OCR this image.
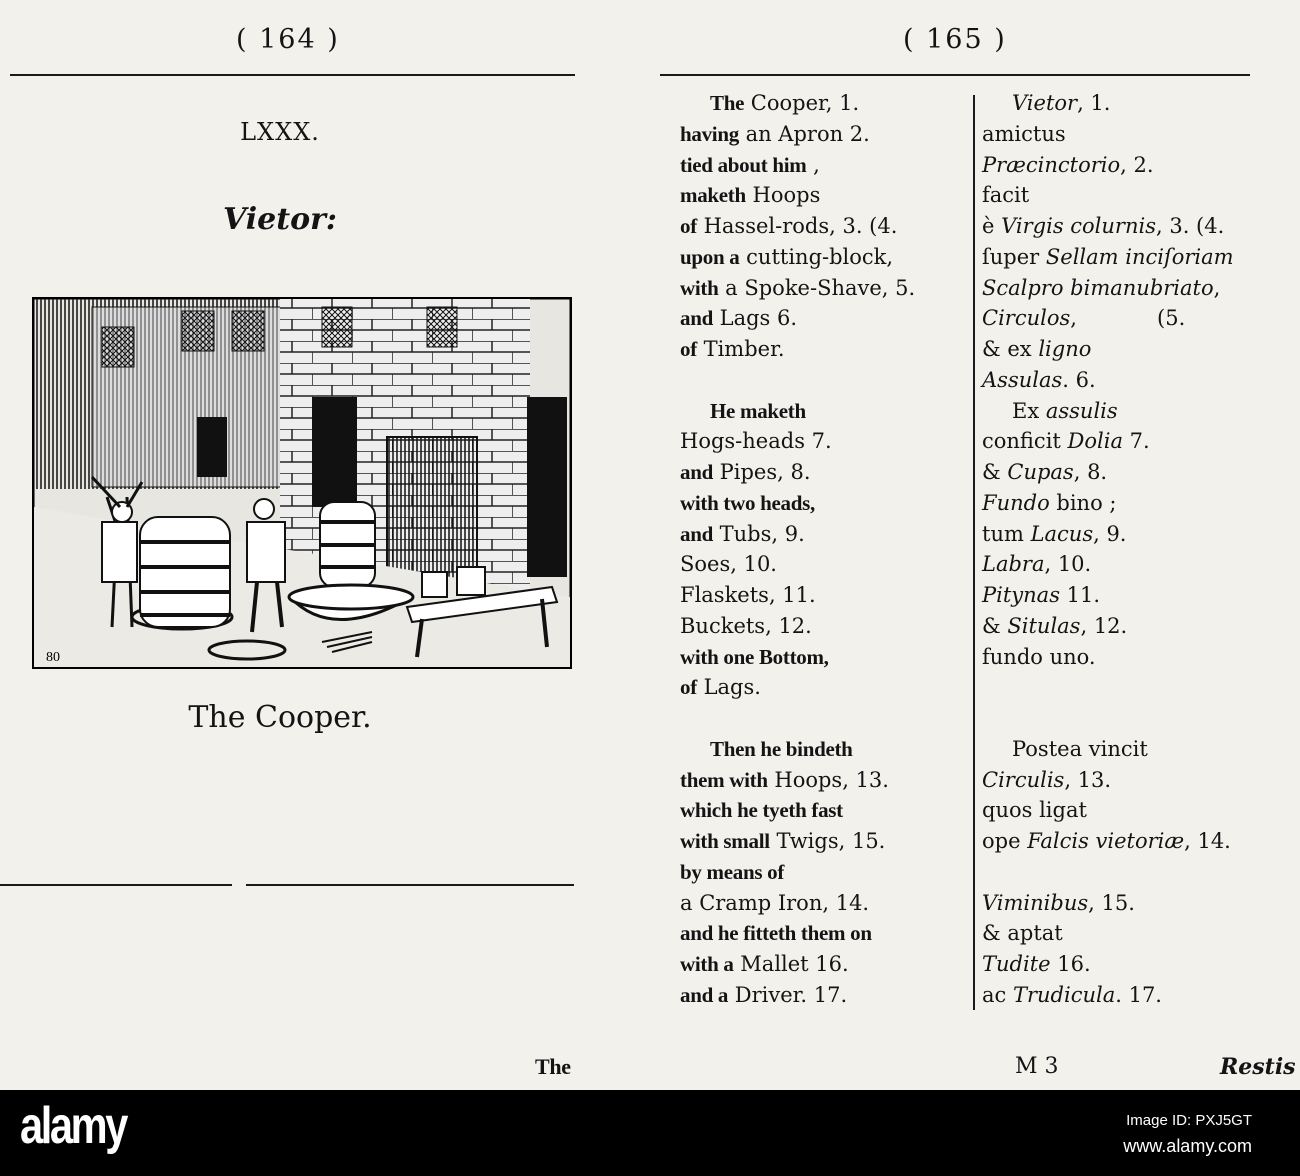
( 164 )
LXXX.
Vietor:
80
The Cooper.
The
( 165 )
The Cooper, 1.
having an Apron 2.
tied about him ,
maketh Hoops
of Hassel-rods, 3. (4.
upon a cutting-block,
with a Spoke-Shave, 5.
and Lags 6.
of Timber.
He maketh
Hogs-heads 7.
and Pipes, 8.
with two heads,
and Tubs, 9.
Soes, 10.
Flaskets, 11.
Buckets, 12.
with one Bottom,
of Lags.
Then he bindeth
them with Hoops, 13.
which he tyeth fast
with small Twigs, 15.
by means of
a Cramp Iron, 14.
and he fitteth them on
with a Mallet 16.
and a Driver. 17.
Vietor, 1.
amictus
Præcinctorio, 2.
facit
è Virgis colurnis, 3. (4.
ſuper Sellam inciſoriam
Scalpro bimanubriato,
Circulos,            (5.
& ex ligno
Assulas. 6.
Ex assulis
conficit Dolia 7.
& Cupas, 8.
Fundo bino ;
tum Lacus, 9.
Labra, 10.
Pitynas 11.
& Situlas, 12.
fundo uno.
Postea vincit
Circulis, 13.
quos ligat
ope Falcis vietoriæ, 14.
Viminibus, 15.
& aptat
Tudite 16.
ac Trudicula. 17.
M 3	Restis
alamy	Image ID: PXJ5GT
www.alamy.com
